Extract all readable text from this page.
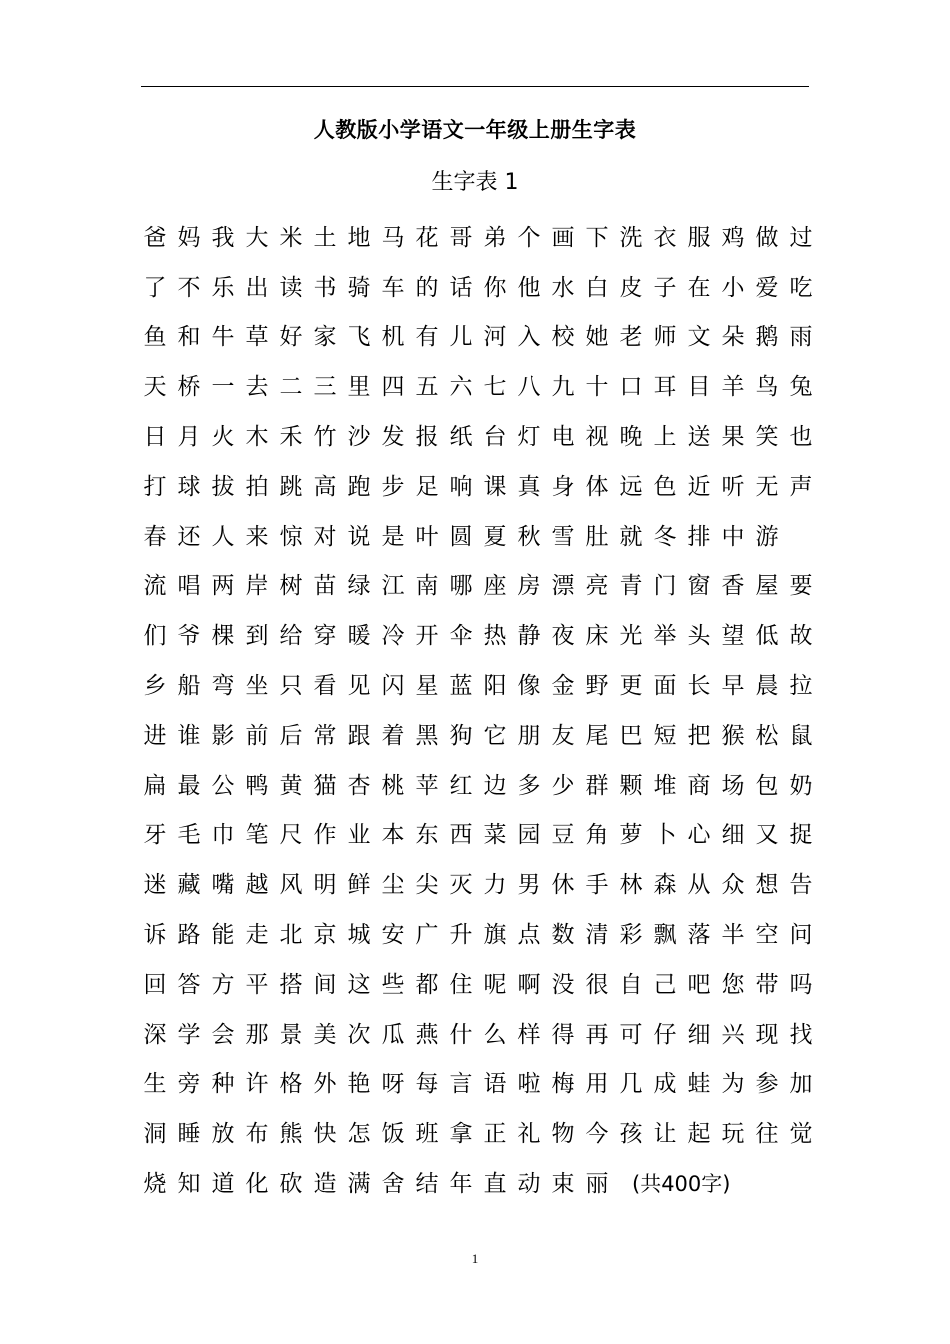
人教版小学语文一年级上册生字表
生字表 1
爸 妈 我 大 米 土 地 马 花 哥 弟 个 画 下 洗 衣 服 鸡 做 过
了 不 乐 出 读 书 骑 车 的 话 你 他 水 白 皮 子 在 小 爱 吃
鱼 和 牛 草 好 家 飞 机 有 儿 河 入 校 她 老 师 文 朵 鹅 雨
天 桥 一 去 二 三 里 四 五 六 七 八 九 十 口 耳 目 羊 鸟 兔
日 月 火 木 禾 竹 沙 发 报 纸 台 灯 电 视 晚 上 送 果 笑 也
打 球 拔 拍 跳 高 跑 步 足 响 课 真 身 体 远 色 近 听 无 声
春 还 人 来 惊 对 说 是 叶 圆 夏 秋 雪 肚 就 冬 排 中 游
流 唱 两 岸 树 苗 绿 江 南 哪 座 房 漂 亮 青 门 窗 香 屋 要
们 爷 棵 到 给 穿 暖 冷 开 伞 热 静 夜 床 光 举 头 望 低 故
乡 船 弯 坐 只 看 见 闪 星 蓝 阳 像 金 野 更 面 长 早 晨 拉
进 谁 影 前 后 常 跟 着 黑 狗 它 朋 友 尾 巴 短 把 猴 松 鼠
扁 最 公 鸭 黄 猫 杏 桃 苹 红 边 多 少 群 颗 堆 商 场 包 奶
牙 毛 巾 笔 尺 作 业 本 东 西 菜 园 豆 角 萝 卜 心 细 又 捉
迷 藏 嘴 越 风 明 鲜 尘 尖 灭 力 男 休 手 林 森 从 众 想 告
诉 路 能 走 北 京 城 安 广 升 旗 点 数 清 彩 飘 落 半 空 问
回 答 方 平 搭 间 这 些 都 住 呢 啊 没 很 自 己 吧 您 带 吗
深 学 会 那 景 美 次 瓜 燕 什 么 样 得 再 可 仔 细 兴 现 找
生 旁 种 许 格 外 艳 呀 每 言 语 啦 梅 用 几 成 蛙 为 参 加
洞 睡 放 布 熊 快 怎 饭 班 拿 正 礼 物 今 孩 让 起 玩 往 觉
烧 知 道 化 砍 造 满 舍 结 年 直 动 束 丽 (共400字)
1
